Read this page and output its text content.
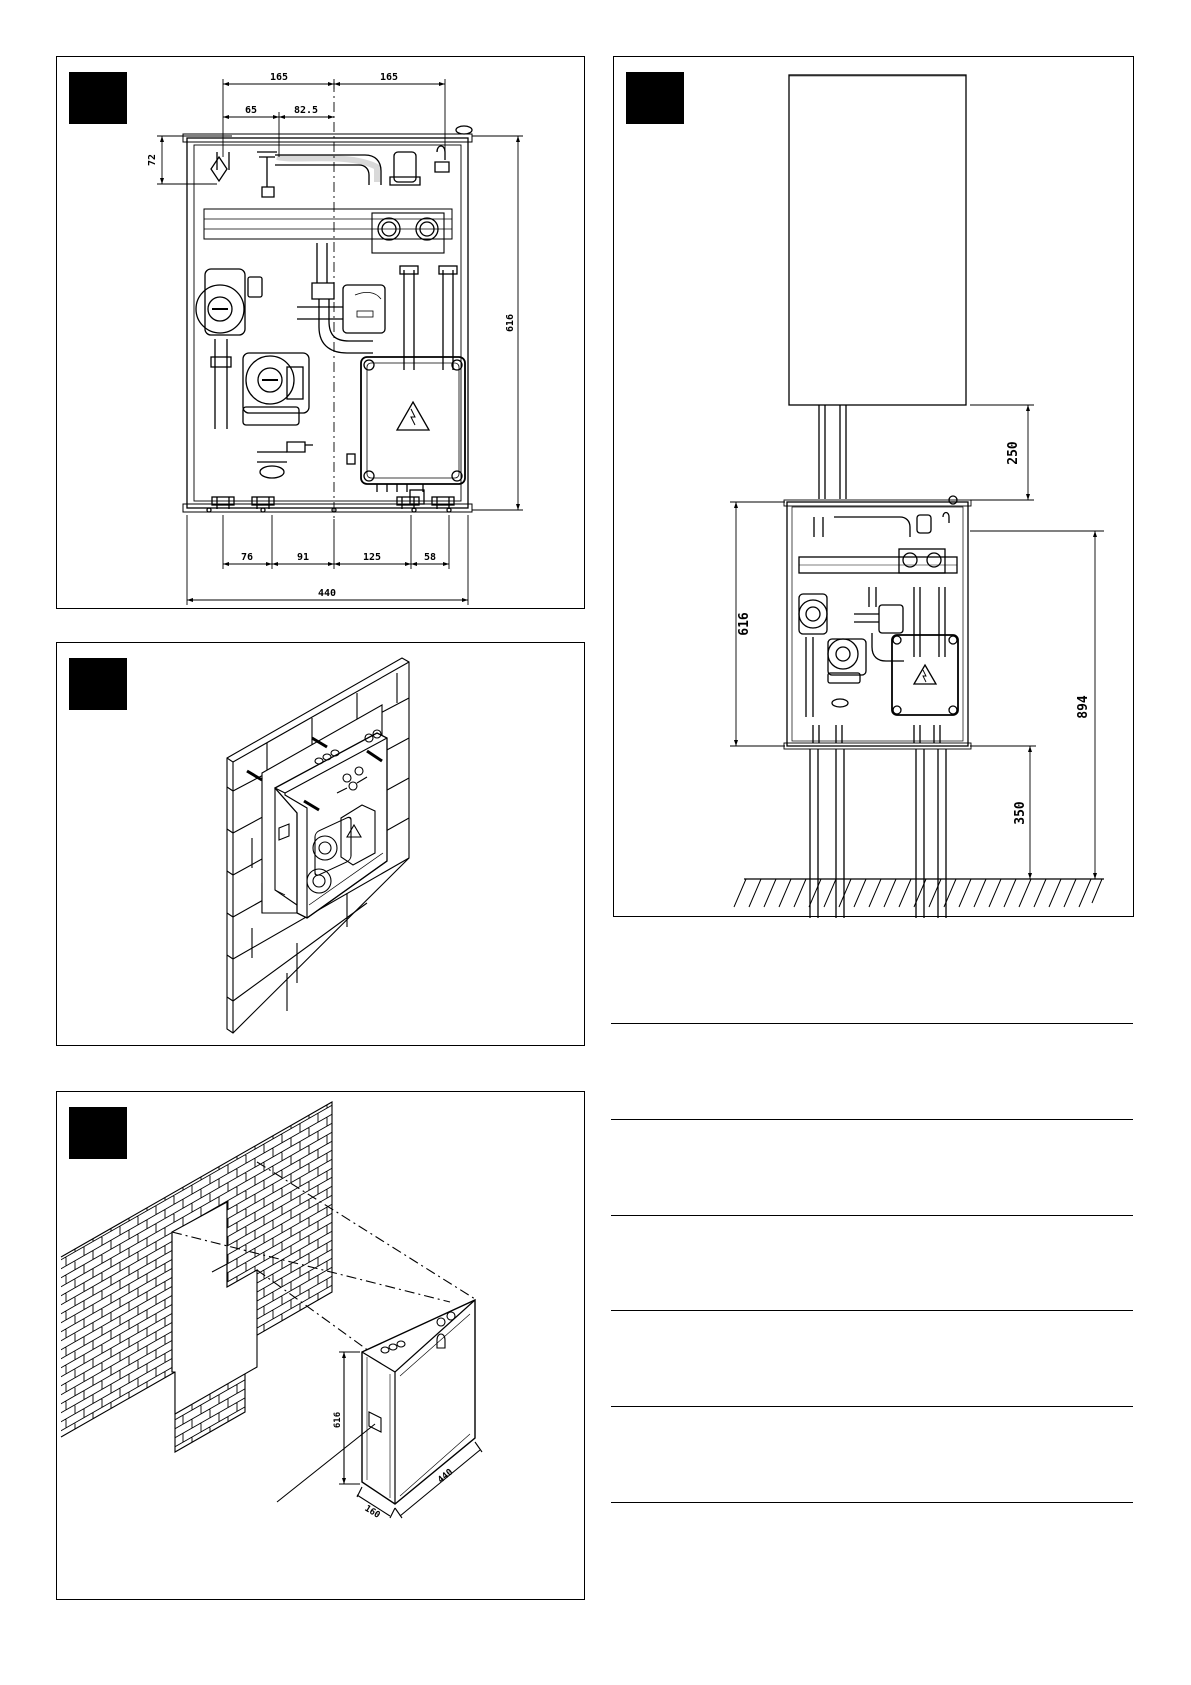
165	165
65	82.5
72
616
76	91	125	58
440
616
160
440
250
616
350
894
